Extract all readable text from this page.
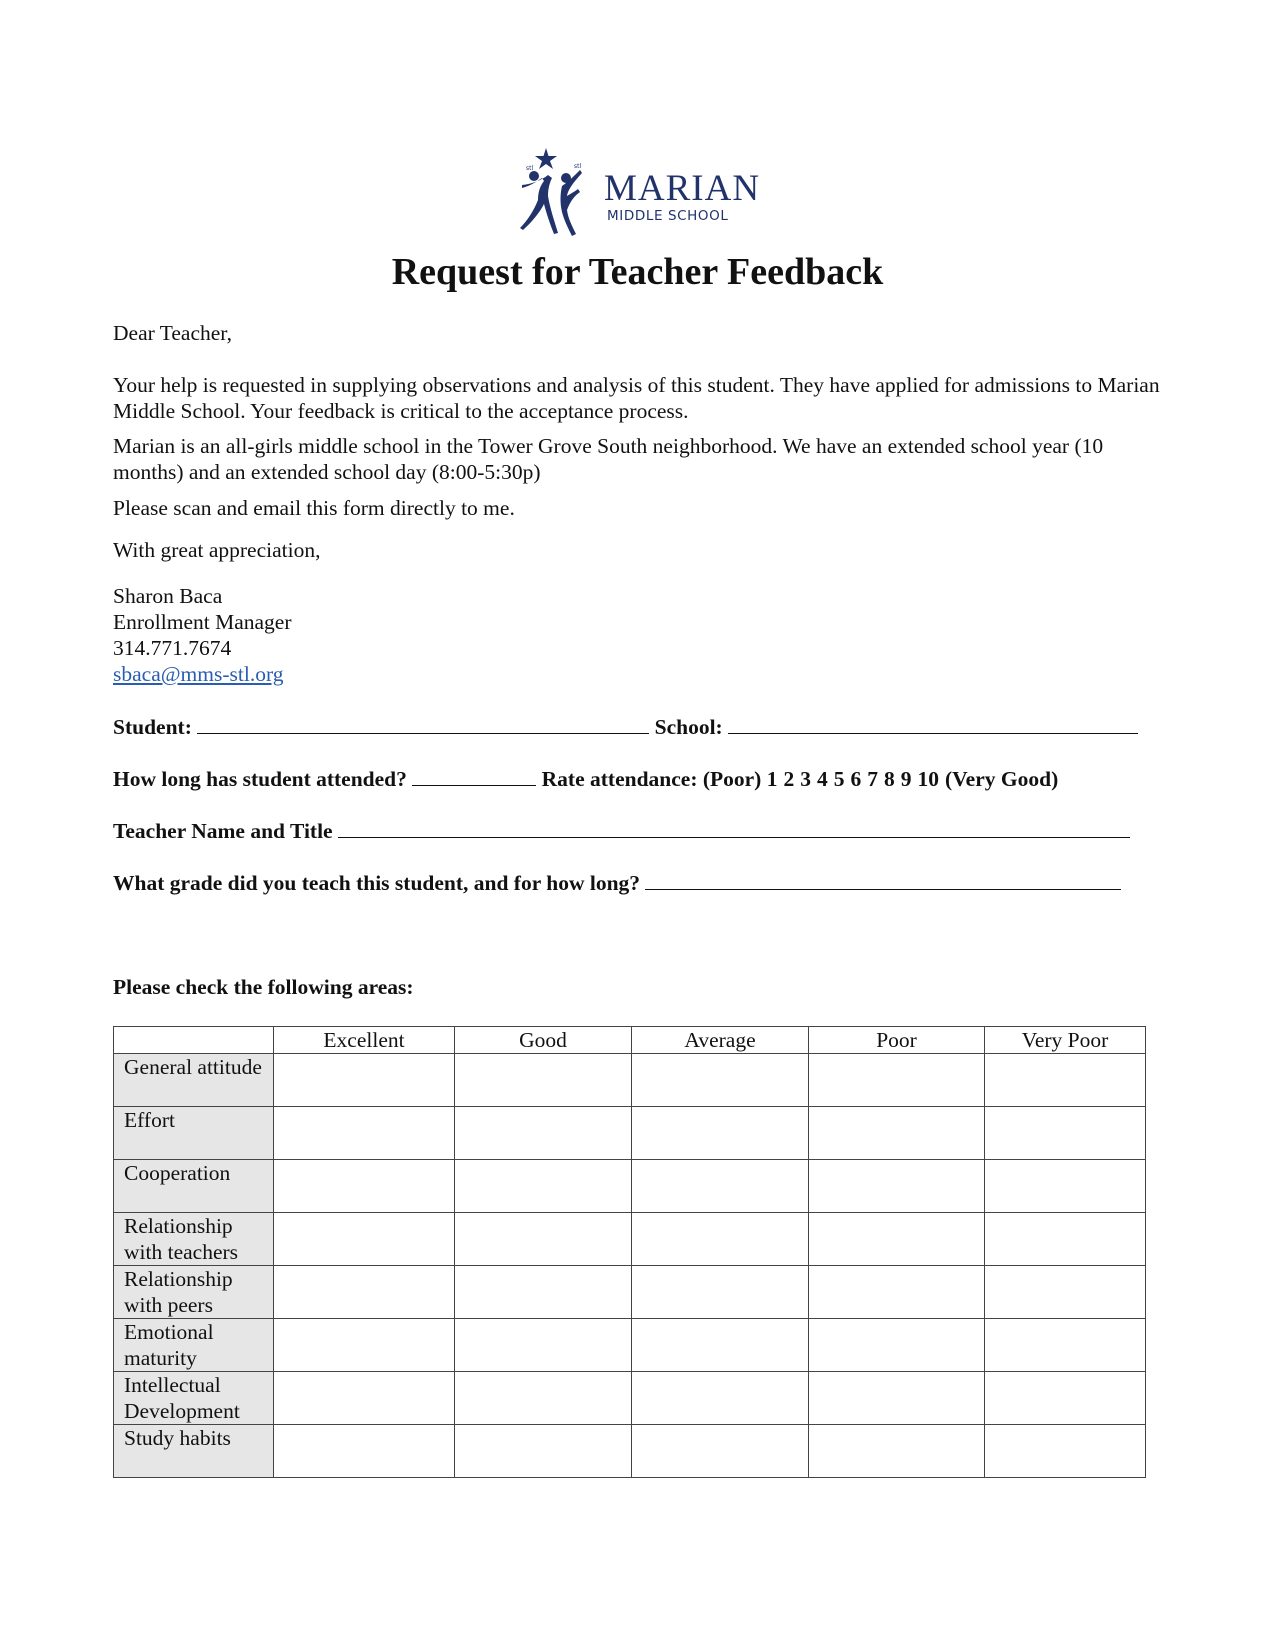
stl	stl
MARIAN
MIDDLE SCHOOL
Request for Teacher Feedback

Dear Teacher,

Your help is requested in supplying observations and analysis of this student. They have applied for admissions to Marian Middle School. Your feedback is critical to the acceptance process.

Marian is an all-girls middle school in the Tower Grove South neighborhood. We have an extended school year (10 months) and an extended school day (8:00-5:30p)

Please scan and email this form directly to me.

With great appreciation,

Sharon Baca

Enrollment Manager

314.771.7674

sbaca@mms-stl.org

Student:	School:
How long has student attended?	Rate attendance: (Poor) 1 2 3 4 5 6 7 8 9 10 (Very Good)
Teacher Name and Title
What grade did you teach this student, and for how long?
Please check the following areas:
	Excellent	Good	Average	Poor	Very Poor
General attitude					
Effort					
Cooperation					
Relationship with teachers					
Relationship with peers					
Emotional maturity					
Intellectual Development					
Study habits					
